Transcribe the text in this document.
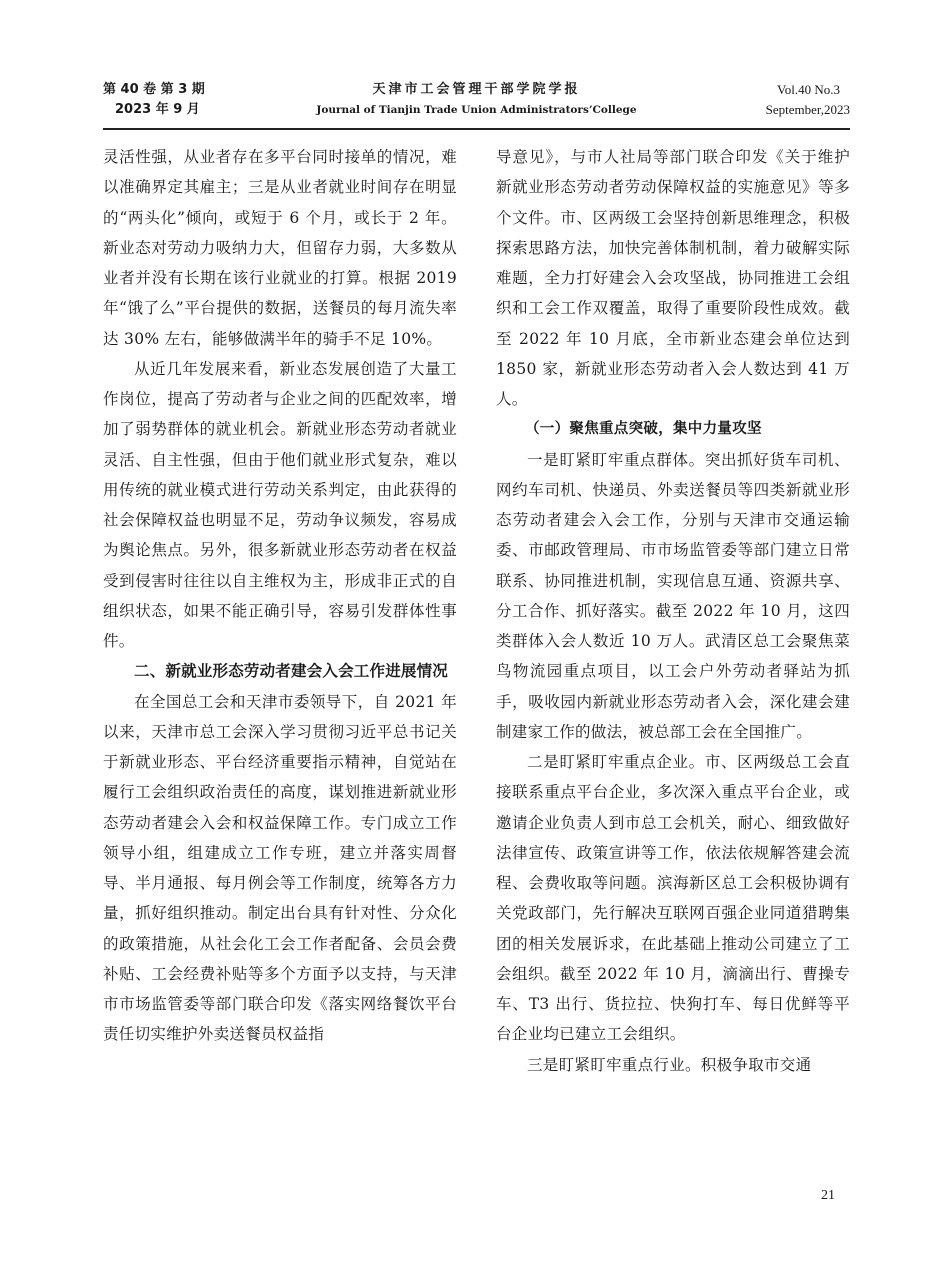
第 40 卷 第 3 期
2023 年 9 月
天津市工会管理干部学院学报
Journal of Tianjin Trade Union Administrators’College
Vol.40 No.3
September,2023

灵活性强，从业者存在多平台同时接单的情况，难以准确界定其雇主；三是从业者就业时间存在明显的“两头化”倾向，或短于 6 个月，或长于 2 年。新业态对劳动力吸纳力大，但留存力弱，大多数从业者并没有长期在该行业就业的打算。根据 2019 年“饿了么”平台提供的数据，送餐员的每月流失率达 30% 左右，能够做满半年的骑手不足 10%。

从近几年发展来看，新业态发展创造了大量工作岗位，提高了劳动者与企业之间的匹配效率，增加了弱势群体的就业机会。新就业形态劳动者就业灵活、自主性强，但由于他们就业形式复杂，难以用传统的就业模式进行劳动关系判定，由此获得的社会保障权益也明显不足，劳动争议频发，容易成为舆论焦点。另外，很多新就业形态劳动者在权益受到侵害时往往以自主维权为主，形成非正式的自组织状态，如果不能正确引导，容易引发群体性事件。

二、新就业形态劳动者建会入会工作进展情况

在全国总工会和天津市委领导下，自 2021 年以来，天津市总工会深入学习贯彻习近平总书记关于新就业形态、平台经济重要指示精神，自觉站在履行工会组织政治责任的高度，谋划推进新就业形态劳动者建会入会和权益保障工作。专门成立工作领导小组，组建成立工作专班，建立并落实周督导、半月通报、每月例会等工作制度，统筹各方力量，抓好组织推动。制定出台具有针对性、分众化的政策措施，从社会化工会工作者配备、会员会费补贴、工会经费补贴等多个方面予以支持，与天津市市场监管委等部门联合印发《落实网络餐饮平台责任切实维护外卖送餐员权益指

导意见》，与市人社局等部门联合印发《关于维护新就业形态劳动者劳动保障权益的实施意见》等多个文件。市、区两级工会坚持创新思维理念，积极探索思路方法，加快完善体制机制，着力破解实际难题，全力打好建会入会攻坚战，协同推进工会组织和工会工作双覆盖，取得了重要阶段性成效。截至 2022 年 10 月底，全市新业态建会单位达到 1850 家，新就业形态劳动者入会人数达到 41 万人。

（一）聚焦重点突破，集中力量攻坚

一是盯紧盯牢重点群体。突出抓好货车司机、网约车司机、快递员、外卖送餐员等四类新就业形态劳动者建会入会工作，分别与天津市交通运输委、市邮政管理局、市市场监管委等部门建立日常联系、协同推进机制，实现信息互通、资源共享、分工合作、抓好落实。截至 2022 年 10 月，这四类群体入会人数近 10 万人。武清区总工会聚焦菜鸟物流园重点项目，以工会户外劳动者驿站为抓手，吸收园内新就业形态劳动者入会，深化建会建制建家工作的做法，被总部工会在全国推广。

二是盯紧盯牢重点企业。市、区两级总工会直接联系重点平台企业，多次深入重点平台企业，或邀请企业负责人到市总工会机关，耐心、细致做好法律宣传、政策宣讲等工作，依法依规解答建会流程、会费收取等问题。滨海新区总工会积极协调有关党政部门，先行解决互联网百强企业同道猎聘集团的相关发展诉求，在此基础上推动公司建立了工会组织。截至 2022 年 10 月，滴滴出行、曹操专车、T3 出行、货拉拉、快狗打车、每日优鲜等平台企业均已建立工会组织。

三是盯紧盯牢重点行业。积极争取市交通

21
